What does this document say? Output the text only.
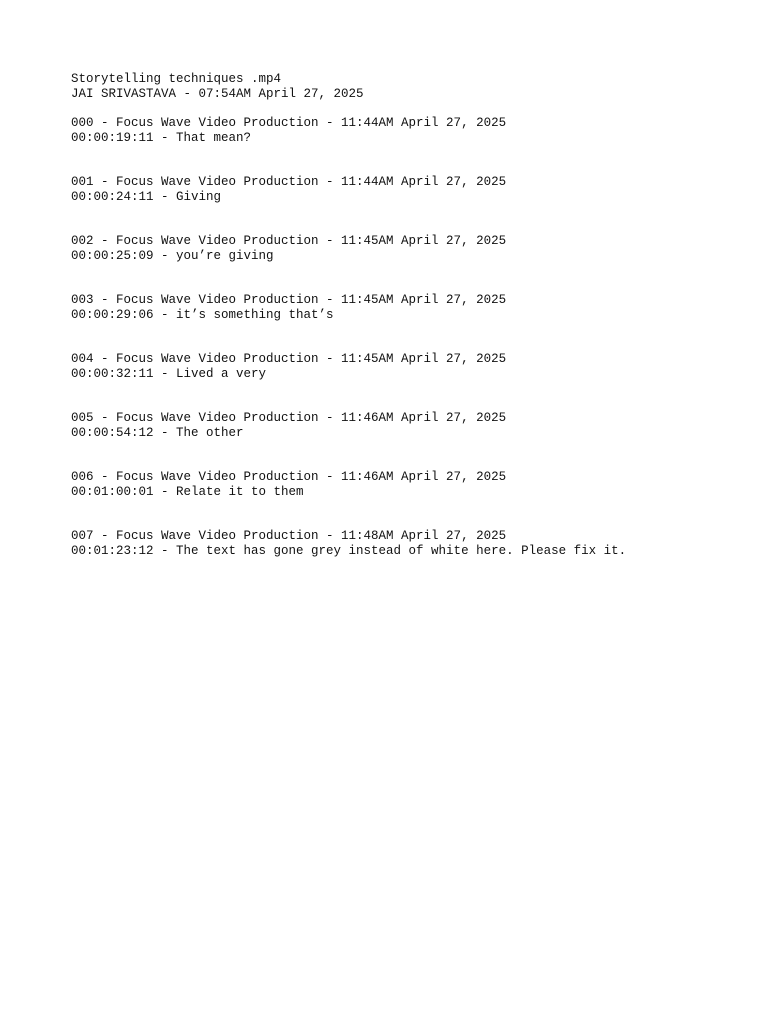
Storytelling techniques .mp4
JAI SRIVASTAVA - 07:54AM April 27, 2025
000 - Focus Wave Video Production - 11:44AM April 27, 2025
00:00:19:11 - That mean?
001 - Focus Wave Video Production - 11:44AM April 27, 2025
00:00:24:11 - Giving
002 - Focus Wave Video Production - 11:45AM April 27, 2025
00:00:25:09 - you’re giving
003 - Focus Wave Video Production - 11:45AM April 27, 2025
00:00:29:06 - it’s something that’s
004 - Focus Wave Video Production - 11:45AM April 27, 2025
00:00:32:11 - Lived a very
005 - Focus Wave Video Production - 11:46AM April 27, 2025
00:00:54:12 - The other
006 - Focus Wave Video Production - 11:46AM April 27, 2025
00:01:00:01 - Relate it to them
007 - Focus Wave Video Production - 11:48AM April 27, 2025
00:01:23:12 - The text has gone grey instead of white here. Please fix it.
